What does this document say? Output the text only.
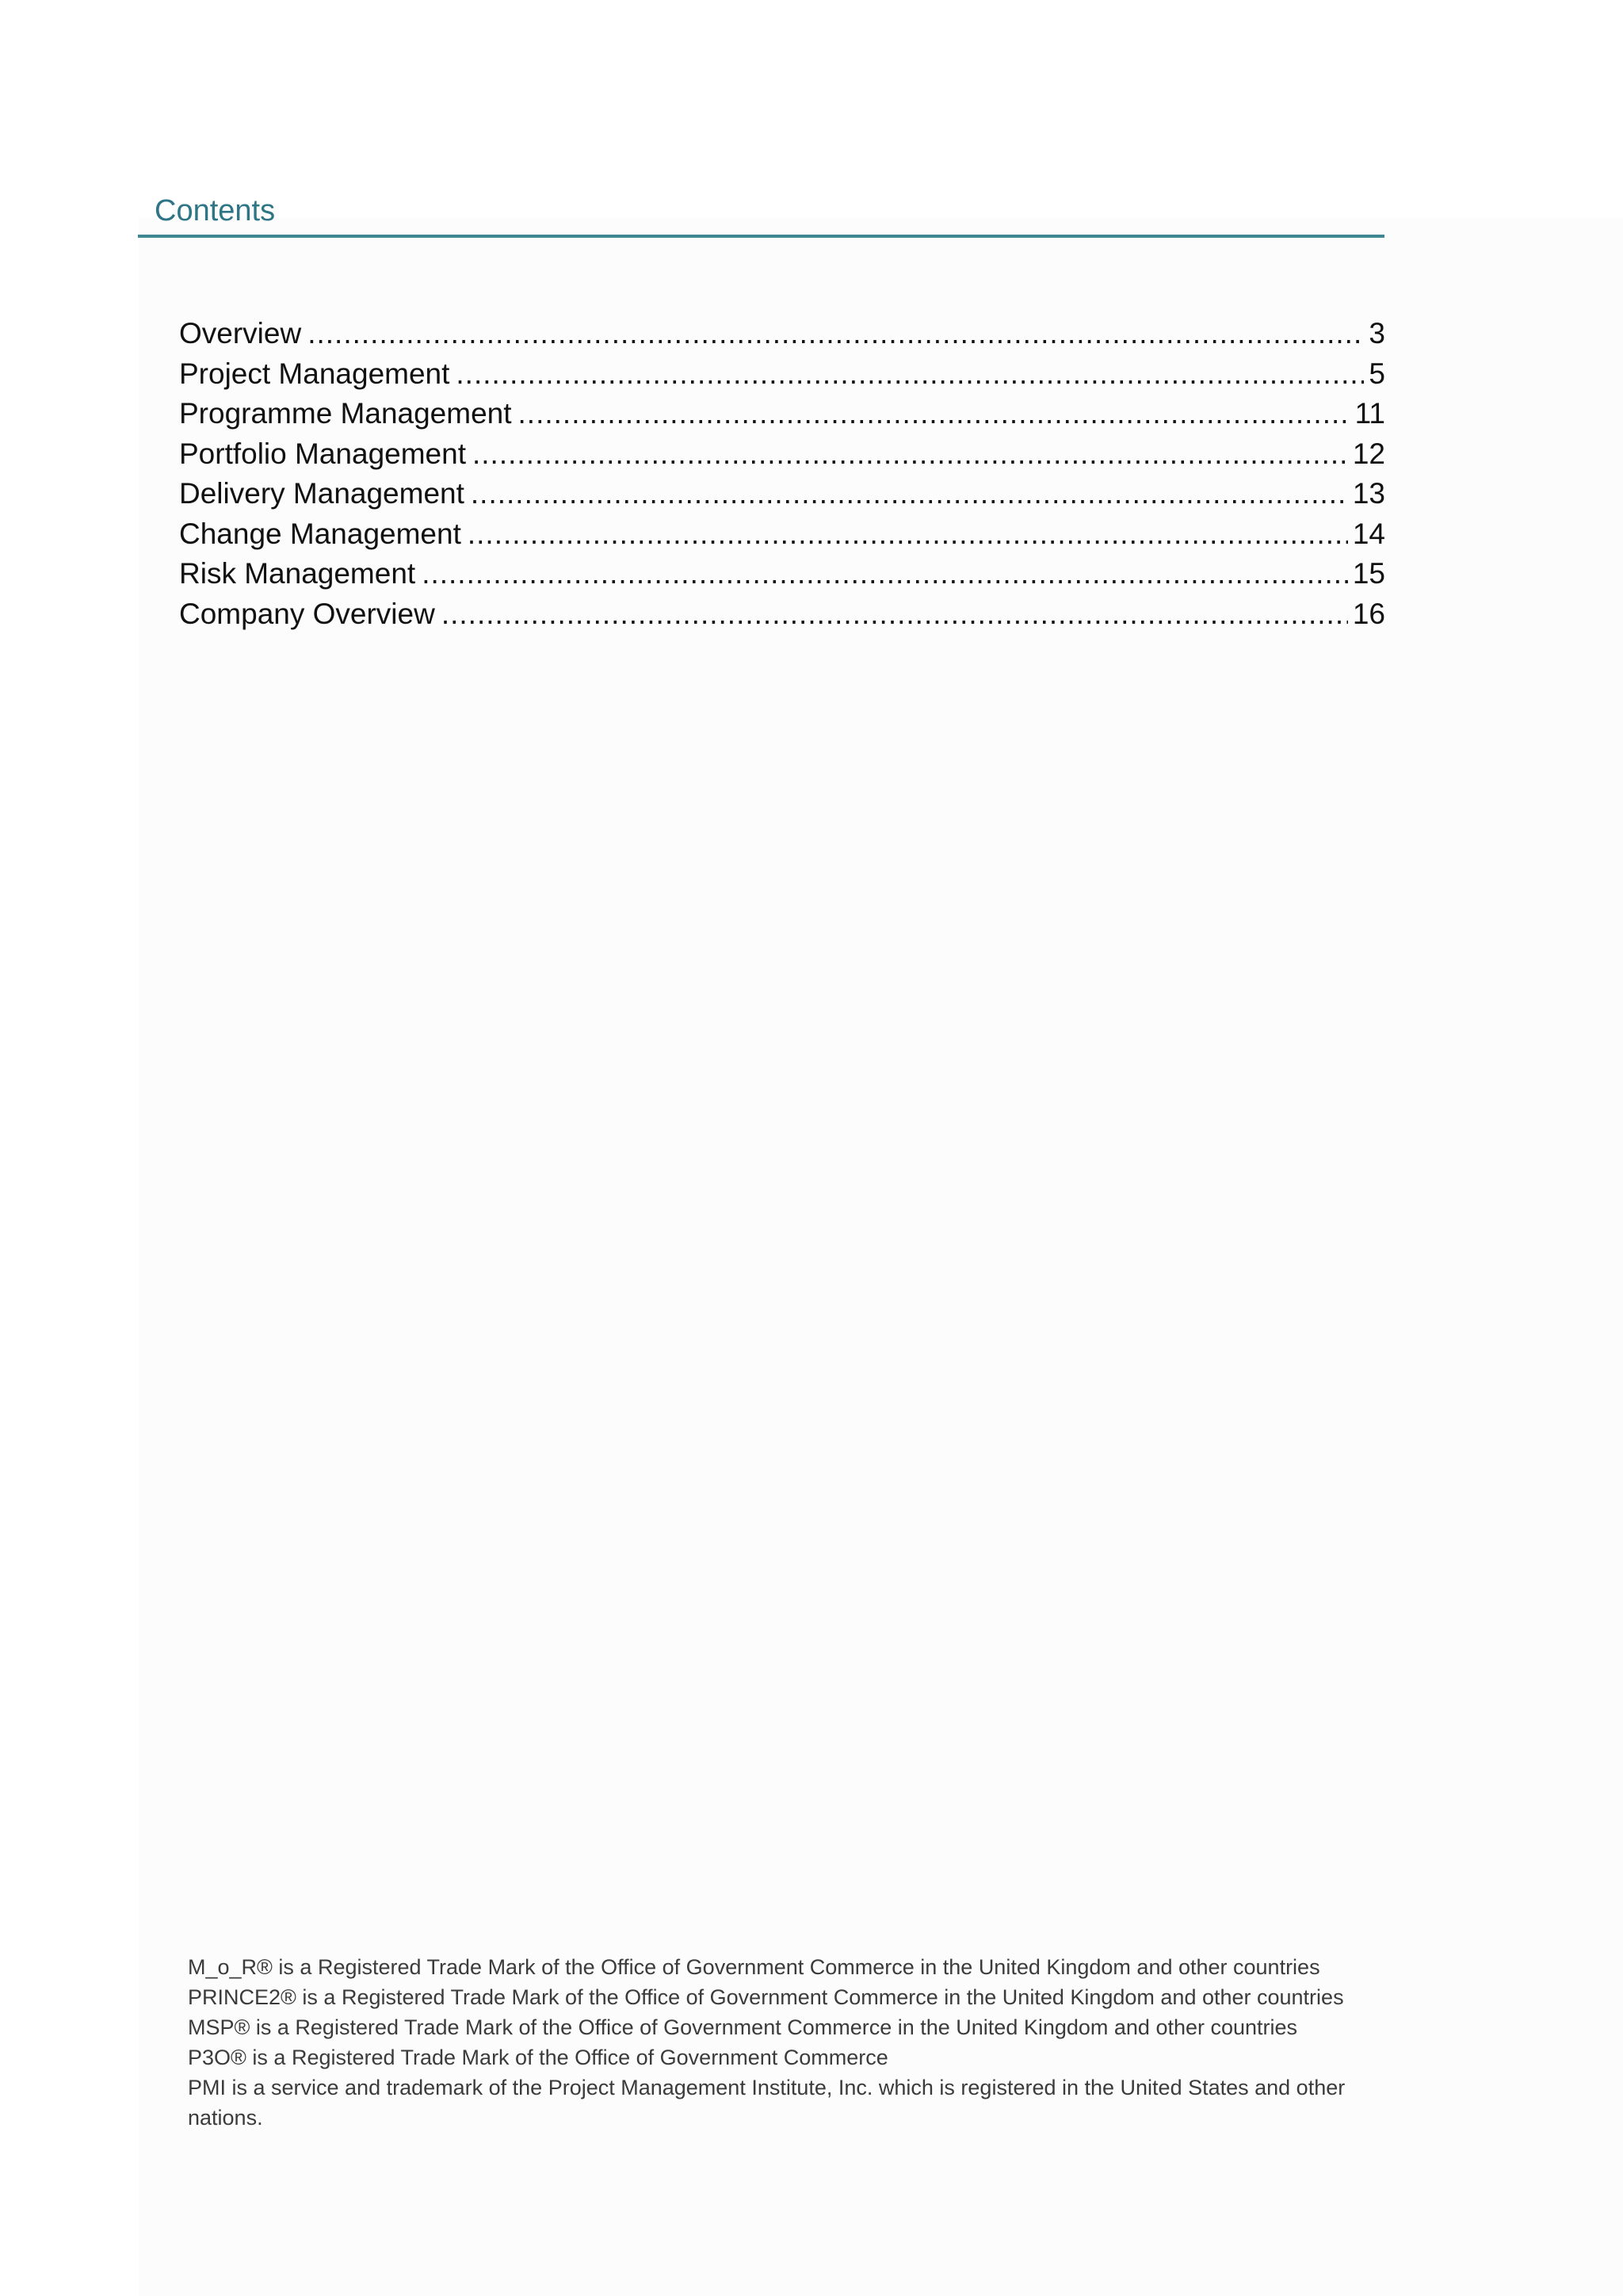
Contents
Overview .....	3
Project Management .....	5
Programme Management .....	11
Portfolio Management .....	12
Delivery Management .....	13
Change Management .....	14
Risk Management .....	15
Company Overview .....	16
M_o_R® is a Registered Trade Mark of the Office of Government Commerce in the United Kingdom and other countries
PRINCE2® is a Registered Trade Mark of the Office of Government Commerce in the United Kingdom and other countries
MSP® is a Registered Trade Mark of the Office of Government Commerce in the United Kingdom and other countries
P3O® is a Registered Trade Mark of the Office of Government Commerce
PMI is a service and trademark of the Project Management Institute, Inc. which is registered in the United States and other nations.
